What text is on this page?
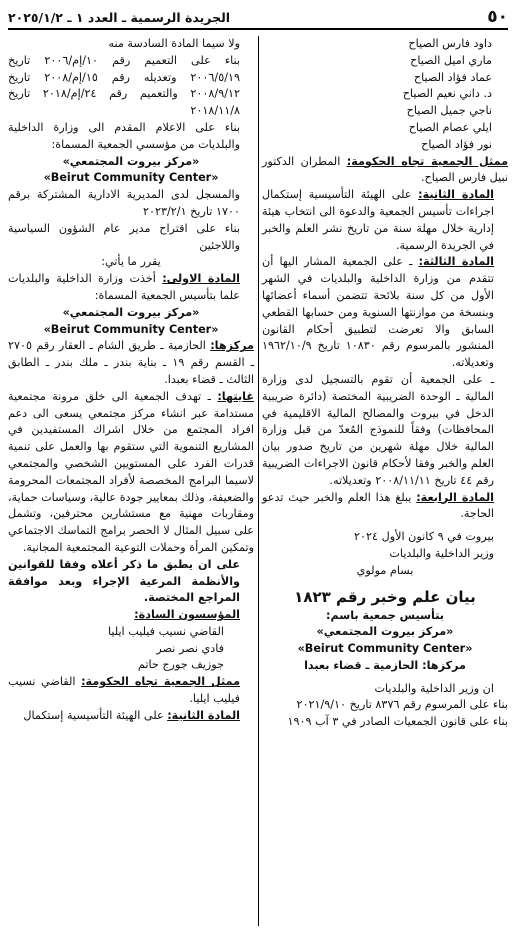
٥٠
الجريدة الرسمية ـ العدد ١ ـ ٢٠٢٥/١/٢

داود فارس الصياح

ماري اميل الصياح

عماد فؤاد الصياح

د. داني نعيم الصياح

ناجي جميل الصياح

ايلي عصام الصياح

نور فؤاد الصياح

ممثل الجمعية تجاه الحكومة: المطران الدكتور نبيل فارس الصياح.

المادة الثانية: على الهيئة التأسيسية إستكمال اجراءات تأسيس الجمعية والدعوة الى انتخاب هيئة إدارية خلال مهلة سنة من تاريخ نشر العلم والخبر في الجريدة الرسمية.

المادة الثالثة: ـ على الجمعية المشار اليها أن تتقدم من وزارة الداخلية والبلديات في الشهر الأول من كل سنة بلائحة تتضمن أسماء أعضائها وبنسخة من موازنتها السنوية ومن حسابها القطعي السابق والا تعرضت لتطبيق أحكام القانون المنشور بالمرسوم رقم ١٠٨٣٠ تاريخ ١٩٦٢/١٠/٩ وتعديلاته.

ـ على الجمعية أن تقوم بالتسجيل لدى وزارة المالية ـ الوحدة الضريبية المختصة (دائرة ضريبية الدخل في بيروت والمصالح المالية الاقليمية في المحافظات) وفقاً للنموذج المُعدّ من قبل وزارة المالية خلال مهلة شهرين من تاريخ صدور بيان العلم والخبر وفقا لأحكام قانون الاجراءات الضريبية رقم ٤٤ تاريخ ٢٠٠٨/١١/١١ وتعديلاته.

المادة الرابعة: يبلغ هذا العلم والخبر حيث تدعو الحاجة.

بيروت في ٩ كانون الأول ٢٠٢٤

وزير الداخلية والبلديات

بسام مولوي

بيان علم وخبر رقم ١٨٢٣

بتأسيس جمعية باسم:

«مركز بيروت المجتمعي»

«Beirut Community Center»

مركزها: الحازمية ـ قضاء بعبدا

ان وزير الداخلية والبلديات

بناء على المرسوم رقم ٨٣٧٦ تاريخ ٢٠٢١/٩/١٠

بناء على قانون الجمعيات الصادر في ٣ آب ١٩٠٩

ولا سيما المادة السادسة منه

بناء على التعميم رقم ١٠/إم/٢٠٠٦ تاريخ ٢٠٠٦/٥/١٩ وتعديله رقم ١٥/إم/٢٠٠٨ تاريخ ٢٠٠٨/٩/١٢ والتعميم رقم ٢٤/إم/٢٠١٨ تاريخ ٢٠١٨/١١/٨

بناء على الاعلام المقدم الى وزارة الداخلية والبلديات من مؤسسي الجمعية المسماة:

«مركز بيروت المجتمعي»

«Beirut Community Center»

والمسجل لدى المديرية الادارية المشتركة برقم ١٧٠٠ تاريخ ٢٠٢٣/٢/١

بناء على اقتراح مدير عام الشؤون السياسية واللاجئين

يقرر ما يأتي:

المادة الاولى: أخذت وزارة الداخلية والبلديات علما بتأسيس الجمعية المسماة:

«مركز بيروت المجتمعي»

«Beirut Community Center»

مركزها: الحازمية ـ طريق الشام ـ العقار رقم ٢٧٠٥ ـ القسم رقم ١٩ ـ بناية بندر ـ ملك بندر ـ الطابق الثالث ـ قضاء بعبدا.

غايتها: ـ تهدف الجمعية الى خلق مرونة مجتمعية مستدامة عبر انشاء مركز مجتمعي يسعى الى دعم افراد المجتمع من خلال اشراك المستفيدين في المشاريع التنموية التي ستقوم بها والعمل على تنمية قدرات الفرد على المستويين الشخصي والمجتمعي لاسيما البرامج المخصصة لأفراد المجتمعات المحرومة والضعيفة، وذلك بمعايير جودة عالية، وسياسات حماية، ومقاربات مهنية مع مستشارين محترفين، وتشمل على سبيل المثال لا الحصر برامج التماسك الاجتماعي وتمكين المرأة وحملات التوعية المجتمعية المجانية.

على ان يطبق ما ذكر أعلاه وفقا للقوانين والأنظمة المرعية الإجراء وبعد موافقة المراجع المختصة.

المؤسسون السادة:

القاضي نسيب فيليب ايليا

فادي نصر نصر

جوزيف جورج حاتم

ممثل الجمعية تجاه الحكومة: القاضي نسيب فيليب ايليا.

المادة الثانية: على الهيئة التأسيسية إستكمال
